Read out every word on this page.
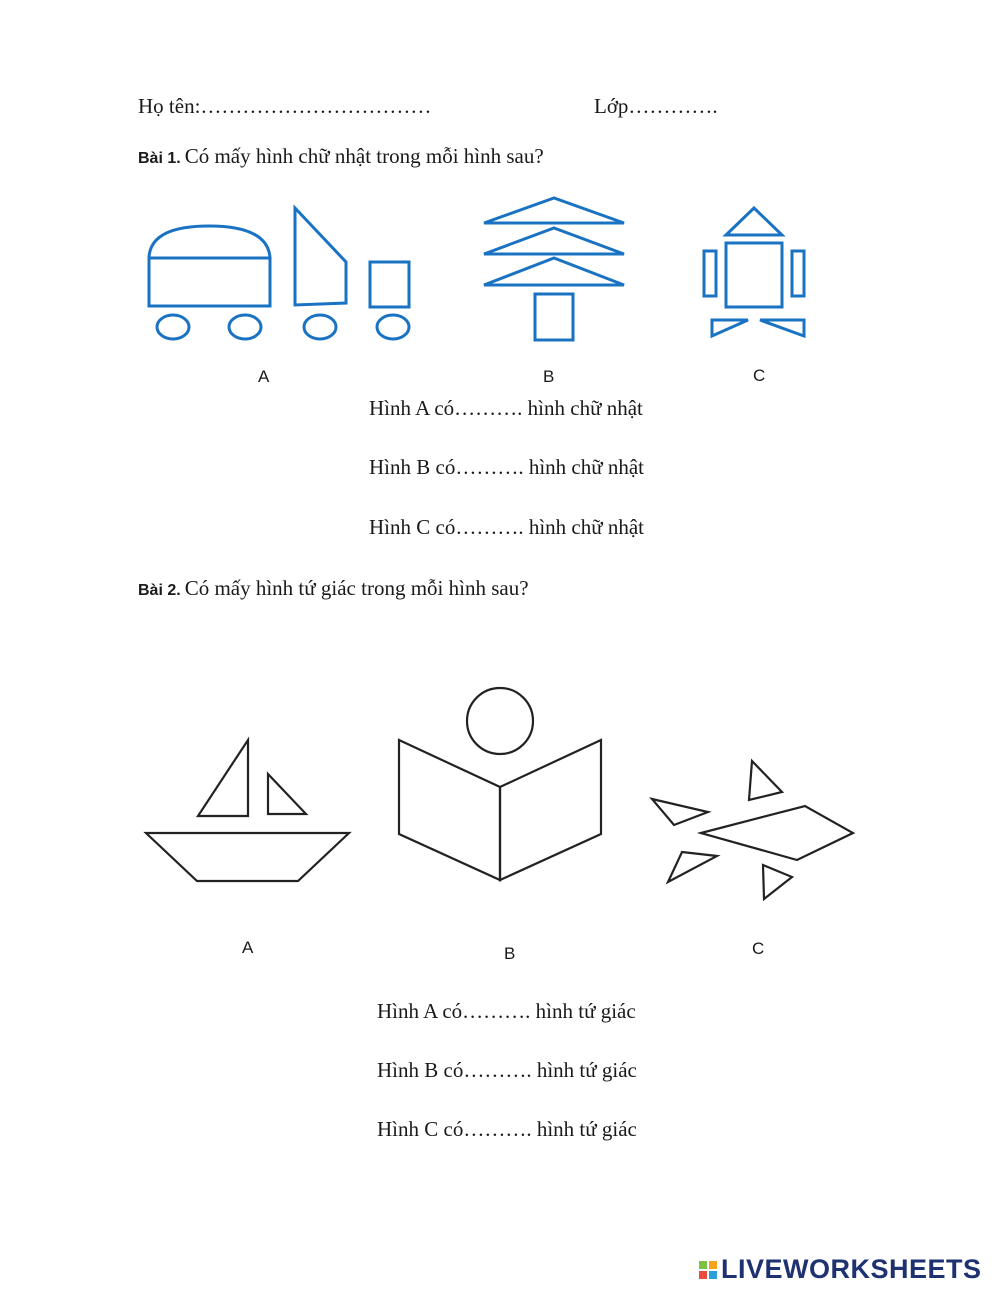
Họ tên:……………………………	Lớp………….
Bài 1. Có mấy hình chữ nhật trong mỗi hình sau?
A	B	C
Hình A có………. hình chữ nhật
Hình B có………. hình chữ nhật
Hình C có………. hình chữ nhật
Bài 2. Có mấy hình tứ giác trong mỗi hình sau?
A	B	C
Hình A có………. hình tứ giác
Hình B có………. hình tứ giác
Hình C có………. hình tứ giác
LIVEWORKSHEETS
